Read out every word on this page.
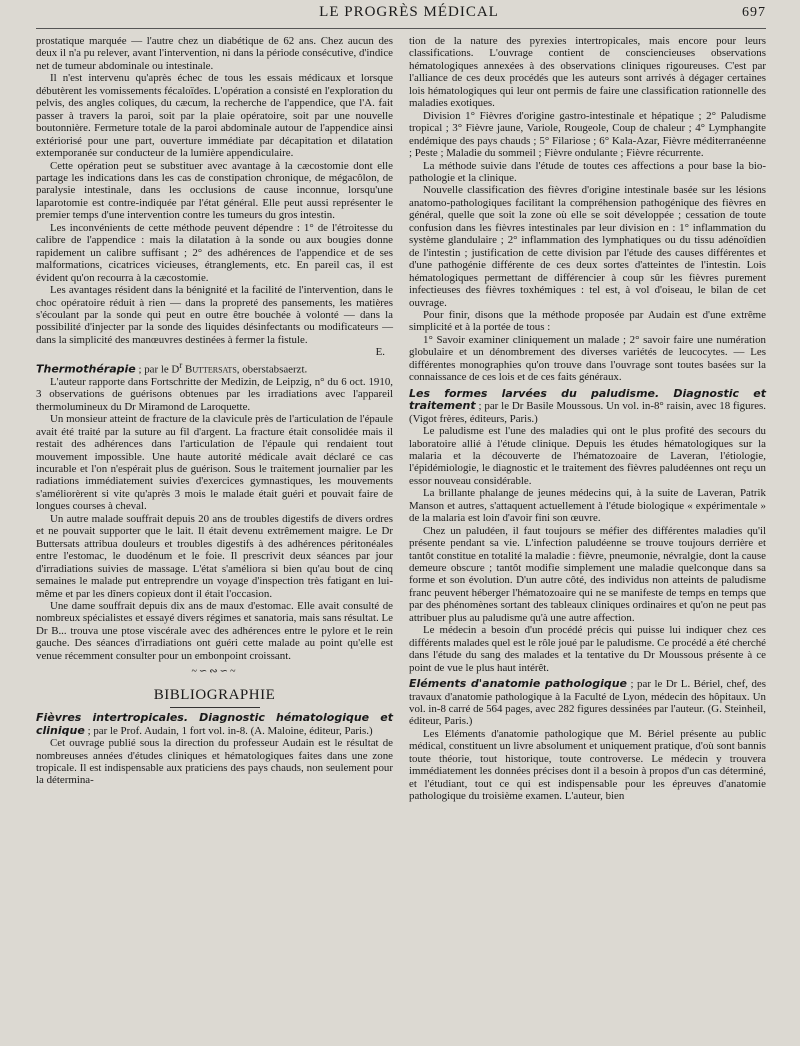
LE PROGRÈS MÉDICAL	697

prostatique marquée — l'autre chez un diabétique de 62 ans. Chez aucun des deux il n'a pu relever, avant l'intervention, ni dans la période consécutive, d'indice net de tumeur abdominale ou intestinale.

Il n'est intervenu qu'après échec de tous les essais médicaux et lorsque débutèrent les vomissements fécaloïdes. L'opération a consisté en l'exploration du pelvis, des angles coliques, du cæcum, la recherche de l'appendice, que l'A. fait passer à travers la paroi, soit par la plaie opératoire, soit par une nouvelle boutonnière. Fermeture totale de la paroi abdominale autour de l'appendice ainsi extériorisé pour une part, ouverture immédiate par décapitation et dilatation extemporanée sur conducteur de la lumière appendiculaire.

Cette opération peut se substituer avec avantage à la cæcostomie dont elle partage les indications dans les cas de constipation chronique, de mégacôlon, de paralysie intestinale, dans les occlusions de cause inconnue, lorsqu'une laparotomie est contre-indiquée par l'état général. Elle peut aussi représenter le premier temps d'une intervention contre les tumeurs du gros intestin.

Les inconvénients de cette méthode peuvent dépendre : 1° de l'étroitesse du calibre de l'appendice : mais la dilatation à la sonde ou aux bougies donne rapidement un calibre suffisant ; 2° des adhérences de l'appendice et de ses malformations, cicatrices vicieuses, étranglements, etc. En pareil cas, il est évident qu'on recourra à la cæcostomie.

Les avantages résident dans la bénignité et la facilité de l'intervention, dans le choc opératoire réduit à rien — dans la propreté des pansements, les matières s'écoulant par la sonde qui peut en outre être bouchée à volonté — dans la possibilité d'injecter par la sonde des liquides désinfectants ou modificateurs — dans la simplicité des manœuvres destinées à fermer la fistule.

E.

Thermothérapie ; par le $D^r$ Buttersats, oberstabsaerzt.

L'auteur rapporte dans Fortschritte der Medizin, de Leipzig, n° du 6 oct. 1910, 3 observations de guérisons obtenues par les irradiations avec l'appareil thermolumineux du Dr Miramond de Laroquette.

Un monsieur atteint de fracture de la clavicule près de l'articulation de l'épaule avait été traité par la suture au fil d'argent. La fracture était consolidée mais il restait des adhérences dans l'articulation de l'épaule qui rendaient tout mouvement impossible. Une haute autorité médicale avait déclaré ce cas incurable et l'on n'espérait plus de guérison. Sous le traitement journalier par les radiations immédiatement suivies d'exercices gymnastiques, les mouvements s'améliorèrent si vite qu'après 3 mois le malade était guéri et pouvait faire de longues courses à cheval.

Un autre malade souffrait depuis 20 ans de troubles digestifs de divers ordres et ne pouvait supporter que le lait. Il était devenu extrêmement maigre. Le Dr Buttersats attribua douleurs et troubles digestifs à des adhérences péritonéales entre l'estomac, le duodénum et le foie. Il prescrivit deux séances par jour d'irradiations suivies de massage. L'état s'améliora si bien qu'au bout de cinq semaines le malade put entreprendre un voyage d'inspection très fatigant en lui-même et par les dîners copieux dont il était l'occasion.

Une dame souffrait depuis dix ans de maux d'estomac. Elle avait consulté de nombreux spécialistes et essayé divers régimes et sanatoria, mais sans résultat. Le Dr B... trouva une ptose viscérale avec des adhérences entre le pylore et le rein gauche. Des séances d'irradiations ont guéri cette malade au point qu'elle est venue récemment consulter pour un embonpoint croissant.

~∽∾∽~
BIBLIOGRAPHIE

Fièvres intertropicales. Diagnostic hématologique et clinique ; par le Prof. Audain, 1 fort vol. in-8. (A. Maloine, éditeur, Paris.)

Cet ouvrage publié sous la direction du professeur Audain est le résultat de nombreuses années d'études cliniques et hématologiques faites dans une zone tropicale. Il est indispensable aux praticiens des pays chauds, non seulement pour la détermina-

tion de la nature des pyrexies intertropicales, mais encore pour leurs classifications. L'ouvrage contient de consciencieuses observations hématologiques annexées à des observations cliniques rigoureuses. C'est par l'alliance de ces deux procédés que les auteurs sont arrivés à dégager certaines lois hématologiques qui leur ont permis de faire une classification rationnelle des maladies exotiques.

Division 1° Fièvres d'origine gastro-intestinale et hépatique ; 2° Paludisme tropical ; 3° Fièvre jaune, Variole, Rougeole, Coup de chaleur ; 4° Lymphangite endémique des pays chauds ; 5° Filariose ; 6° Kala-Azar, Fièvre méditerranéenne ; Peste ; Maladie du sommeil ; Fièvre ondulante ; Fièvre récurrente.

La méthode suivie dans l'étude de toutes ces affections a pour base la bio-pathologie et la clinique.

Nouvelle classification des fièvres d'origine intestinale basée sur les lésions anatomo-pathologiques facilitant la compréhension pathogénique des fièvres en général, quelle que soit la zone où elle se soit développée ; cessation de toute confusion dans les fièvres intestinales par leur division en : 1° inflammation du système glandulaire ; 2° inflammation des lymphatiques ou du tissu adénoïdien de l'intestin ; justification de cette division par l'étude des causes différentes et d'une pathogénie différente de ces deux sortes d'atteintes de l'intestin. Lois hématologiques permettant de différencier à coup sûr les fièvres purement infectieuses des fièvres toxhémiques : tel est, à vol d'oiseau, le bilan de cet ouvrage.

Pour finir, disons que la méthode proposée par Audain est d'une extrême simplicité et à la portée de tous :

1° Savoir examiner cliniquement un malade ; 2° savoir faire une numération globulaire et un dénombrement des diverses variétés de leucocytes. — Les différentes monographies qu'on trouve dans l'ouvrage sont toutes basées sur la connaissance de ces lois et de ces faits généraux.

Les formes larvées du paludisme. Diagnostic et traitement ; par le Dr Basile Moussous. Un vol. in-8° raisin, avec 18 figures. (Vigot frères, éditeurs, Paris.)

Le paludisme est l'une des maladies qui ont le plus profité des secours du laboratoire allié à l'étude clinique. Depuis les études hématologiques sur la malaria et la découverte de l'hématozoaire de Laveran, l'étiologie, l'épidémiologie, le diagnostic et le traitement des fièvres paludéennes ont reçu un essor nouveau considérable.

La brillante phalange de jeunes médecins qui, à la suite de Laveran, Patrik Manson et autres, s'attaquent actuellement à l'étude biologique « expérimentale » de la malaria est loin d'avoir fini son œuvre.

Chez un paludéen, il faut toujours se méfier des différentes maladies qu'il présente pendant sa vie. L'infection paludéenne se trouve toujours derrière et tantôt constitue en totalité la maladie : fièvre, pneumonie, névralgie, dont la cause demeure obscure ; tantôt modifie simplement une maladie quelconque dans sa forme et son évolution. D'un autre côté, des individus non atteints de paludisme franc peuvent héberger l'hématozoaire qui ne se manifeste de temps en temps que par des phénomènes sortant des tableaux cliniques ordinaires et qu'on ne peut pas attribuer plus au paludisme qu'à une autre affection.

Le médecin a besoin d'un procédé précis qui puisse lui indiquer chez ces différents malades quel est le rôle joué par le paludisme. Ce procédé a été cherché dans l'étude du sang des malades et la tentative du Dr Moussous présente à ce point de vue le plus haut intérêt.

Eléments d'anatomie pathologique ; par le Dr L. Bériel, chef, des travaux d'anatomie pathologique à la Faculté de Lyon, médecin des hôpitaux. Un vol. in-8 carré de 564 pages, avec 282 figures dessinées par l'auteur. (G. Steinheil, éditeur, Paris.)

Les Eléments d'anatomie pathologique que M. Bériel présente au public médical, constituent un livre absolument et uniquement pratique, d'où sont bannis toute théorie, tout historique, toute controverse. Le médecin y trouvera immédiatement les données précises dont il a besoin à propos d'un cas déterminé, et l'étudiant, tout ce qui est indispensable pour les épreuves d'anatomie pathologique du troisième examen. L'auteur, bien
